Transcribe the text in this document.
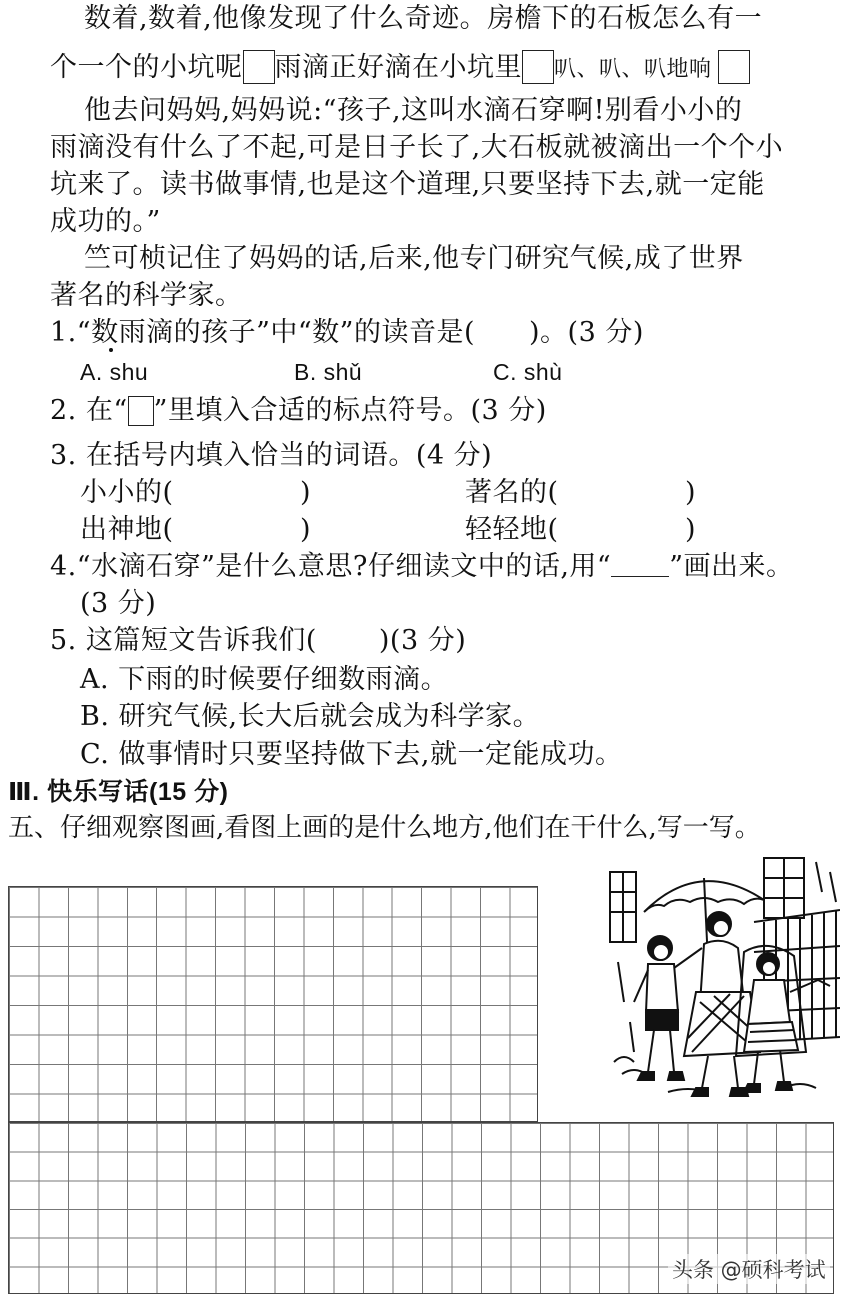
数着,数着,他像发现了什么奇迹。房檐下的石板怎么有一
个一个的小坑呢 雨滴正好滴在小坑里 叭、叭、叭地响
他去问妈妈,妈妈说:“孩子,这叫水滴石穿啊!别看小小的
雨滴没有什么了不起,可是日子长了,大石板就被滴出一个个小
坑来了。读书做事情,也是这个道理,只要坚持下去,就一定能
成功的。”
竺可桢记住了妈妈的话,后来,他专门研究气候,成了世界
著名的科学家。
1.“数雨滴的孩子”中“数”的读音是( )。(3 分)
A. shu	B. shǔ	C. shù
2. 在“ ”里填入合适的标点符号。(3 分)
3. 在括号内填入恰当的词语。(4 分)
小小的(	)	著名的(	)
出神地(	)	轻轻地(	)
4.“水滴石穿”是什么意思?仔细读文中的话,用“ ”画出来。
(3 分)
5. 这篇短文告诉我们( )(3 分)
A. 下雨的时候要仔细数雨滴。
B. 研究气候,长大后就会成为科学家。
C. 做事情时只要坚持做下去,就一定能成功。
Ⅲ. 快乐写话(15 分)
五、仔细观察图画,看图上画的是什么地方,他们在干什么,写一写。
头条 @硕科考试
